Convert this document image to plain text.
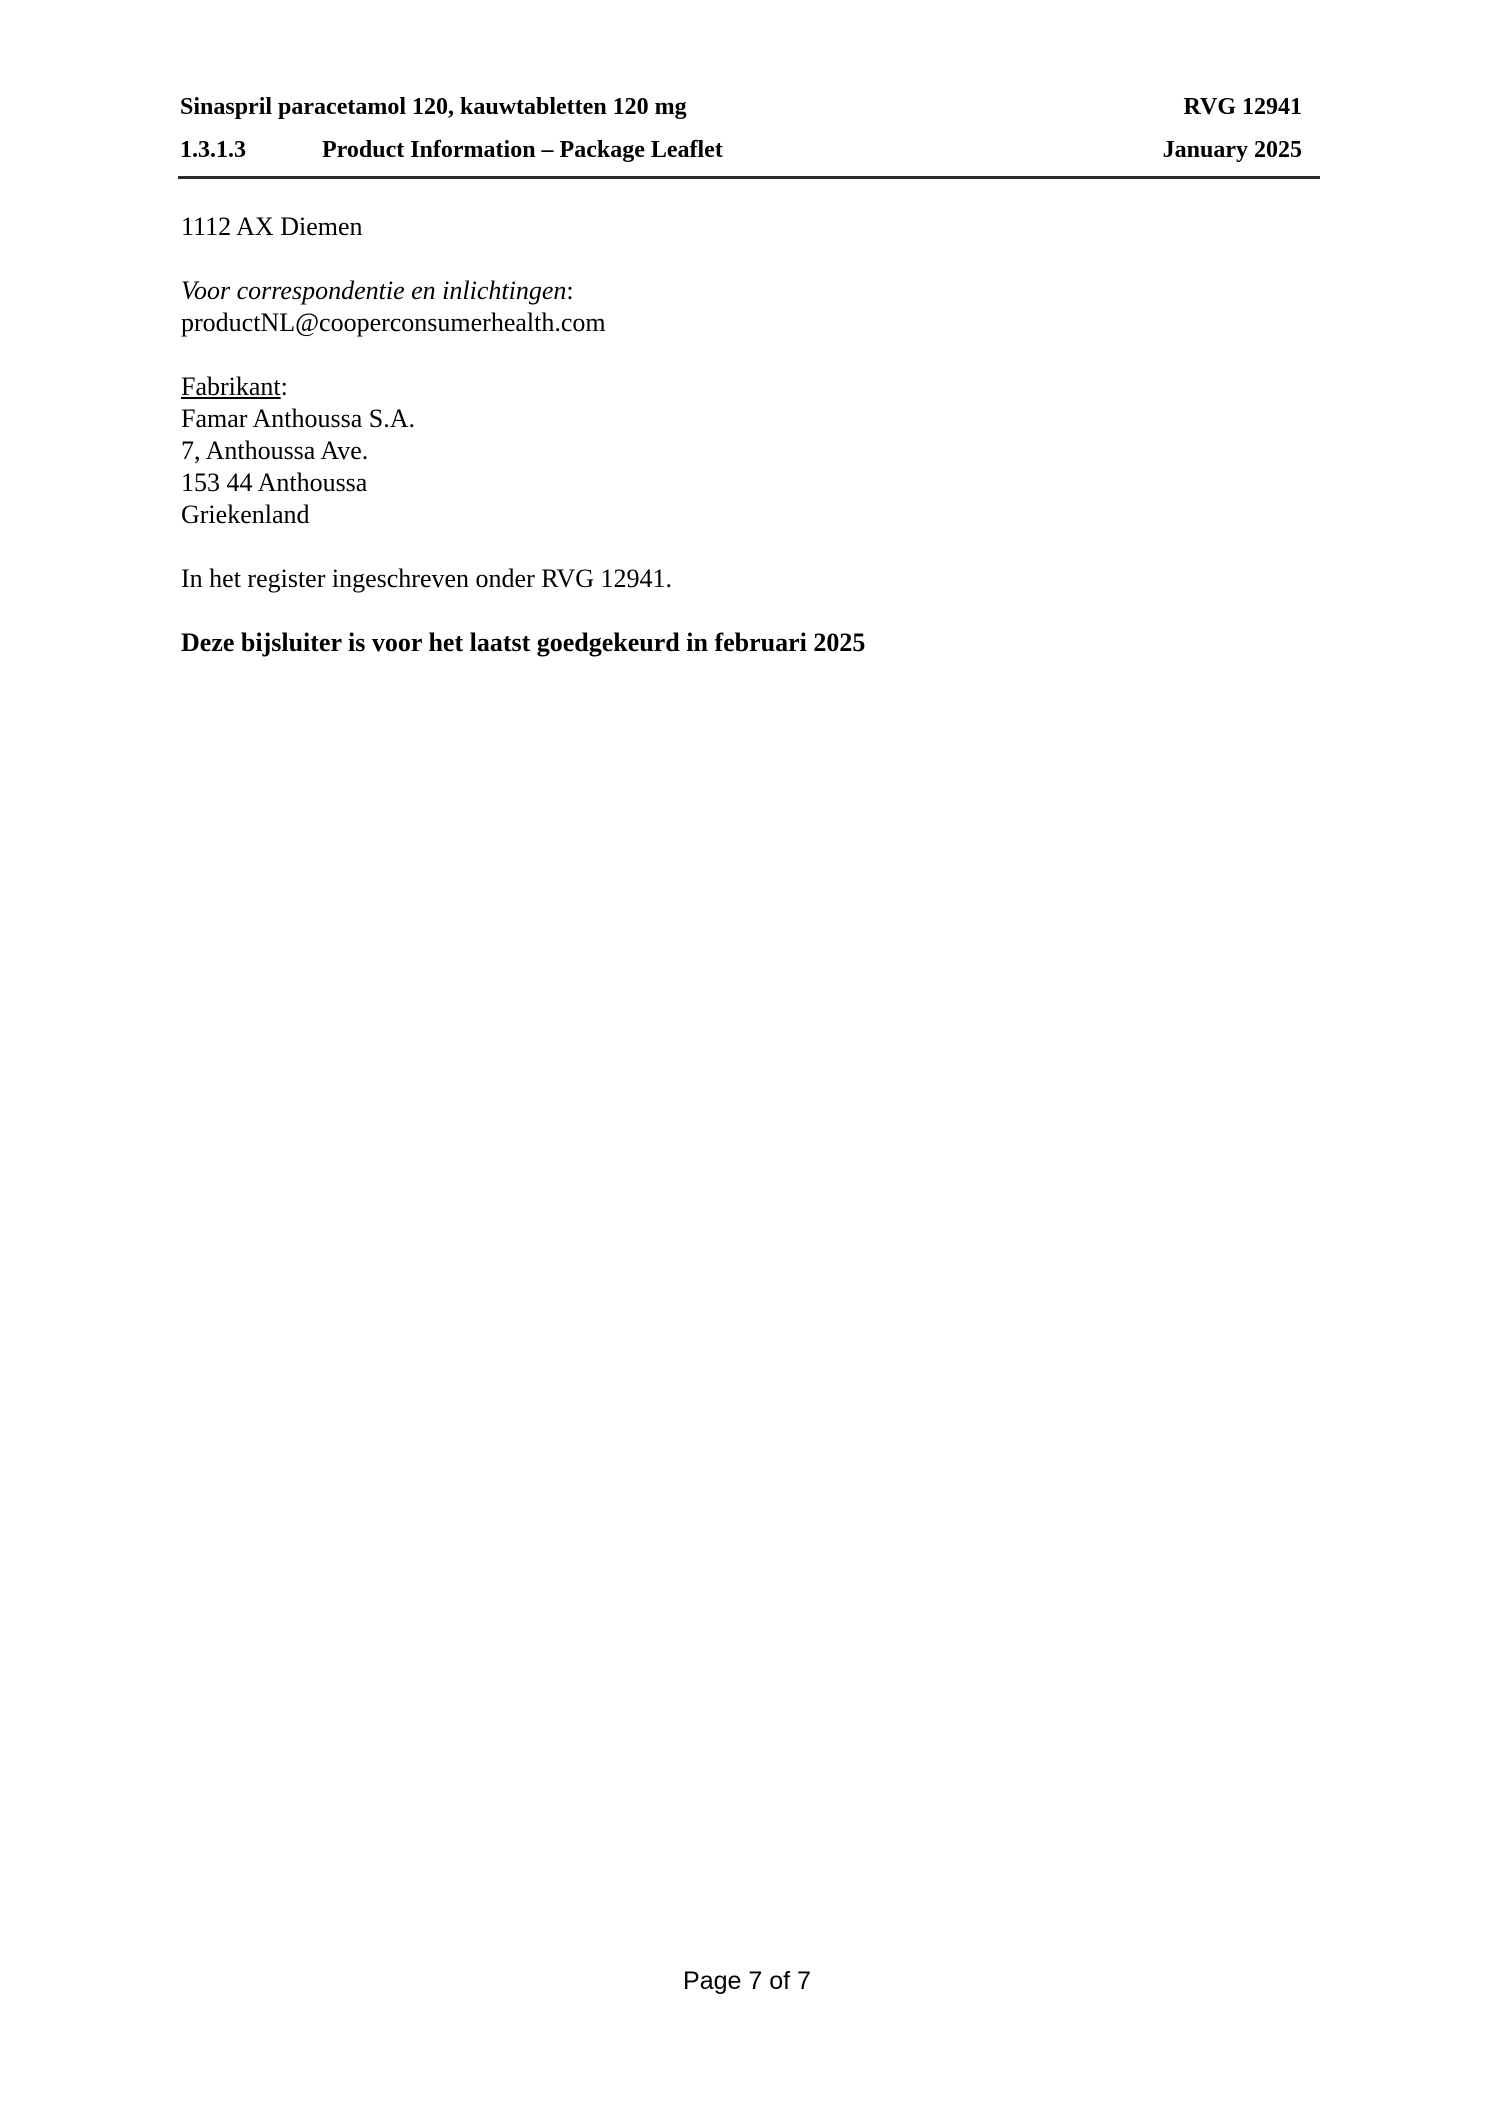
Sinaspril paracetamol 120, kauwtabletten 120 mg	RVG 12941
1.3.1.3	Product Information – Package Leaflet	January 2025

1112 AX Diemen

Voor correspondentie en inlichtingen:
productNL@cooperconsumerhealth.com

Fabrikant:
Famar Anthoussa S.A.
7, Anthoussa Ave.
153 44 Anthoussa
Griekenland

In het register ingeschreven onder RVG 12941.

Deze bijsluiter is voor het laatst goedgekeurd in februari 2025

Page 7 of 7
